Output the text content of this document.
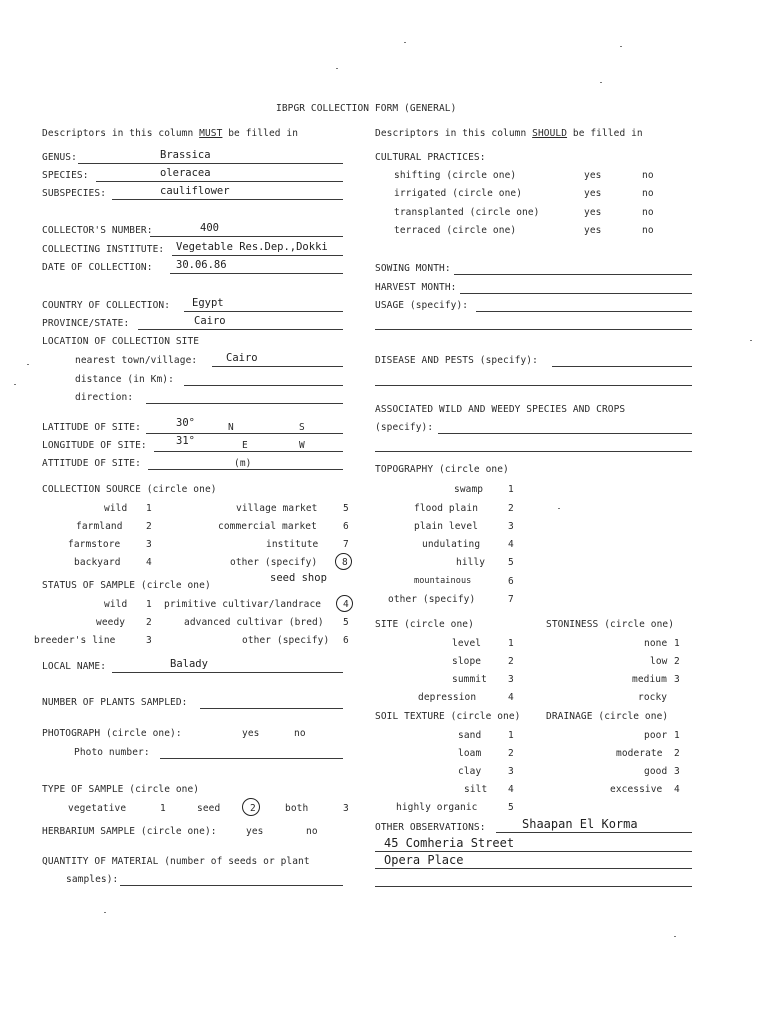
IBPGR COLLECTION FORM (GENERAL)
Descriptors in this column MUST be filled in	Descriptors in this column SHOULD be filled in
GENUS:	Brassica
SPECIES:	oleracea
SUBSPECIES:	cauliflower
COLLECTOR'S NUMBER:	400
COLLECTING INSTITUTE: Vegetable Res.Dep.,Dokki
DATE OF COLLECTION: 30.06.86
COUNTRY OF COLLECTION: Egypt
PROVINCE/STATE:	Cairo
LOCATION OF COLLECTION SITE
nearest town/village:	Cairo
distance (in Km):
direction:
LATITUDE OF SITE:	30°	N	S
LONGITUDE OF SITE:	31°	E	W
ATTITUDE OF SITE:	(m)
COLLECTION SOURCE (circle one)
wild 1	village market	5
farmland 2	commercial market	6
farmstore	3	institute	7
backyard	4	other (specify)	8
seed shop
STATUS OF SAMPLE (circle one)
wild 1 primitive cultivar/landrace 4
weedy 2	advanced cultivar (bred) 5
breeder's line	3	other (specify) 6
LOCAL NAME:	Balady
NUMBER OF PLANTS SAMPLED:
PHOTOGRAPH (circle one):	yes	no
Photo number:
TYPE OF SAMPLE (circle one)
vegetative	1	seed	2	both	3
HERBARIUM SAMPLE (circle one):	yes	no
QUANTITY OF MATERIAL (number of seeds or plant
samples):
CULTURAL PRACTICES:
shifting (circle one)	yes	no
irrigated (circle one)	yes	no
transplanted (circle one)	yes	no
terraced (circle one)	yes	no
SOWING MONTH:
HARVEST MONTH:
USAGE (specify):
DISEASE AND PESTS (specify):
ASSOCIATED WILD AND WEEDY SPECIES AND CROPS
(specify):
TOPOGRAPHY (circle one)
swamp	1
flood plain	2
plain level	3
undulating	4
hilly 5
mountainous	6
other (specify)	7
SITE (circle one)	STONINESS (circle one)
level	1	none 1
slope	2	low 2
summit 3	medium 3
depression	4	rocky
SOIL TEXTURE (circle one)	DRAINAGE (circle one)
sand	1	poor 1
loam	2	moderate 2
clay	3	good 3
silt 4	excessive 4
highly organic	5
OTHER OBSERVATIONS:	Shaapan El Korma
45 Comheria Street
Opera Place
